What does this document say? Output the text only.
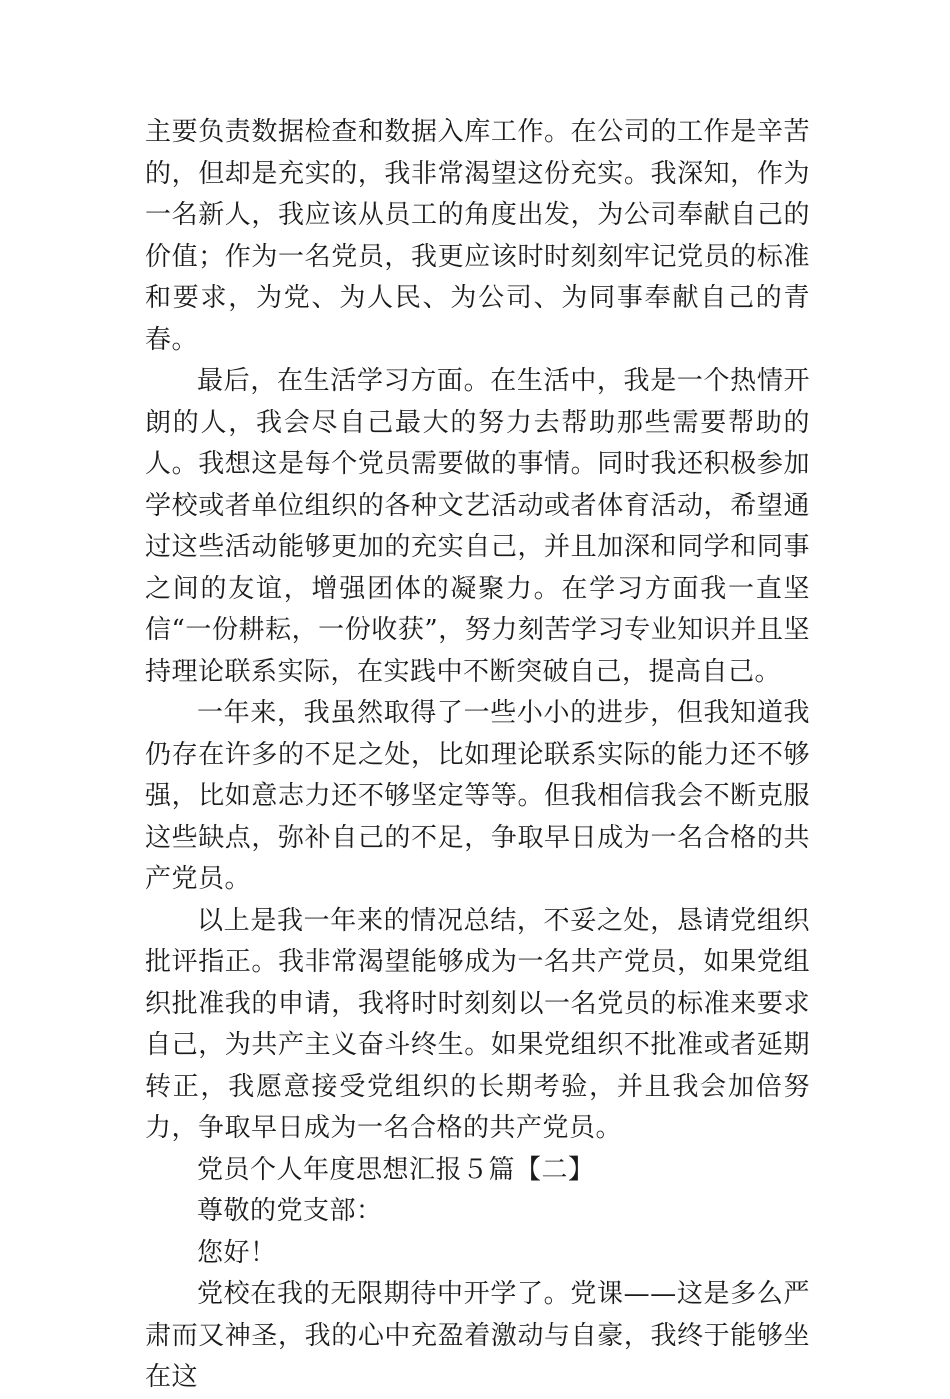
主要负责数据检查和数据入库工作。在公司的工作是辛苦的，但却是充实的，我非常渴望这份充实。我深知，作为一名新人，我应该从员工的角度出发，为公司奉献自己的价值；作为一名党员，我更应该时时刻刻牢记党员的标准和要求，为党、为人民、为公司、为同事奉献自己的青春。

最后，在生活学习方面。在生活中，我是一个热情开朗的人，我会尽自己最大的努力去帮助那些需要帮助的人。我想这是每个党员需要做的事情。同时我还积极参加学校或者单位组织的各种文艺活动或者体育活动，希望通过这些活动能够更加的充实自己，并且加深和同学和同事之间的友谊，增强团体的凝聚力。在学习方面我一直坚信“一份耕耘，一份收获”，努力刻苦学习专业知识并且坚持理论联系实际，在实践中不断突破自己，提高自己。

一年来，我虽然取得了一些小小的进步，但我知道我仍存在许多的不足之处，比如理论联系实际的能力还不够强，比如意志力还不够坚定等等。但我相信我会不断克服这些缺点，弥补自己的不足，争取早日成为一名合格的共产党员。

以上是我一年来的情况总结，不妥之处，恳请党组织批评指正。我非常渴望能够成为一名共产党员，如果党组织批准我的申请，我将时时刻刻以一名党员的标准来要求自己，为共产主义奋斗终生。如果党组织不批准或者延期转正，我愿意接受党组织的长期考验，并且我会加倍努力，争取早日成为一名合格的共产党员。

党员个人年度思想汇报５篇【二】

尊敬的党支部：

您好！

党校在我的无限期待中开学了。党课——这是多么严肃而又神圣，我的心中充盈着激动与自豪，我终于能够坐在这
